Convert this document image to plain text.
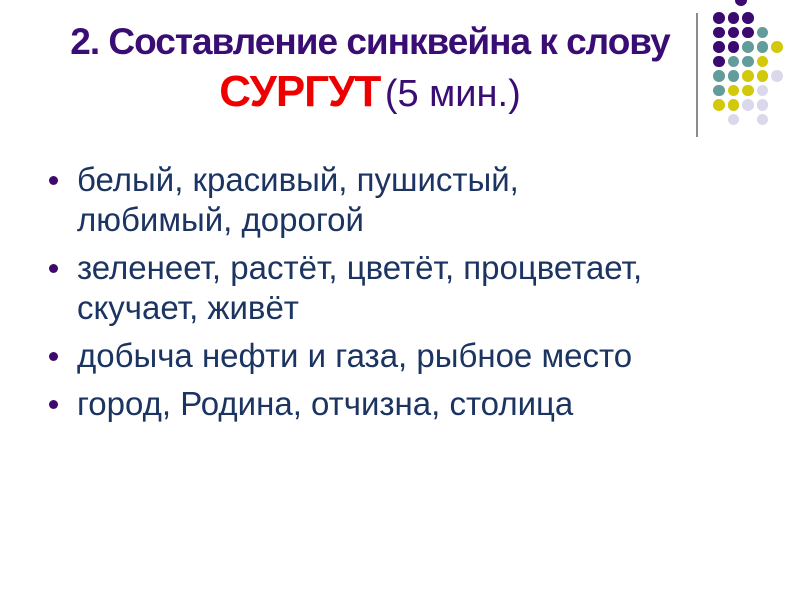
2. Составление синквейна к слову
СУРГУТ (5 мин.)
белый, красивый, пушистый, любимый, дорогой
зеленеет, растёт, цветёт, процветает, скучает, живёт
добыча нефти и газа, рыбное место
город, Родина, отчизна, столица
